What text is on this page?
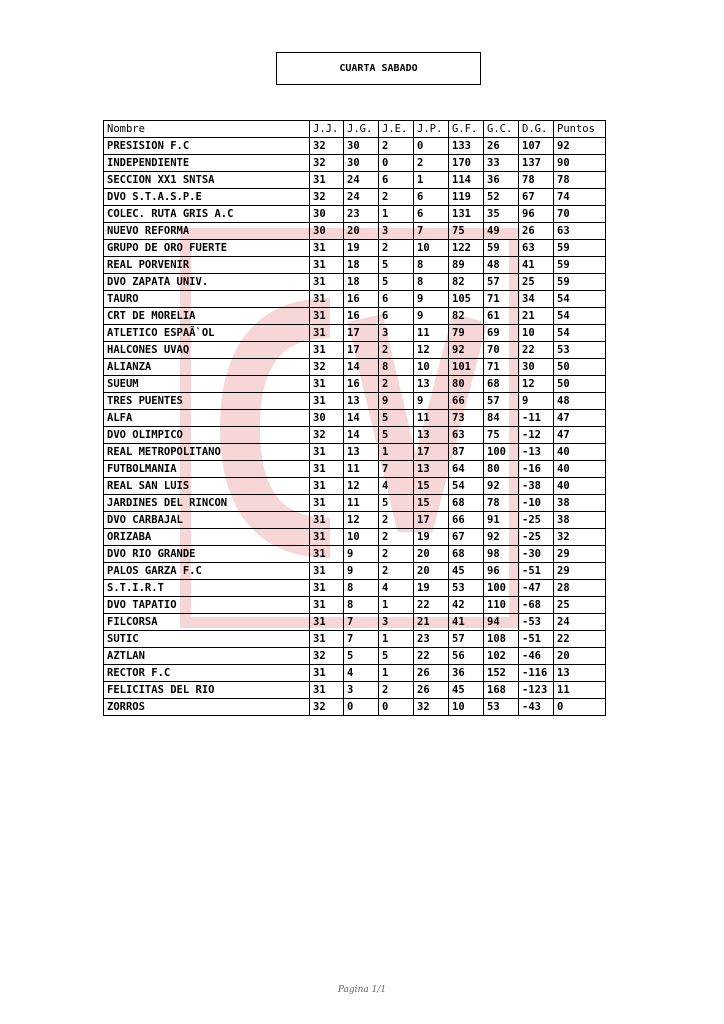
CUARTA SABADO
Nombre	J.J.	J.G.	J.E.	J.P.	G.F.	G.C.	D.G.	Puntos
PRESISION F.C	32	30	2	0	133	26	107	92
INDEPENDIENTE	32	30	0	2	170	33	137	90
SECCION XX1 SNTSA	31	24	6	1	114	36	78	78
DVO S.T.A.S.P.E	32	24	2	6	119	52	67	74
COLEC. RUTA GRIS A.C	30	23	1	6	131	35	96	70
NUEVO REFORMA	30	20	3	7	75	49	26	63
GRUPO DE ORO FUERTE	31	19	2	10	122	59	63	59
REAL PORVENIR	31	18	5	8	89	48	41	59
DVO ZAPATA UNIV.	31	18	5	8	82	57	25	59
TAURO	31	16	6	9	105	71	34	54
CRT DE MORELIA	31	16	6	9	82	61	21	54
ATLETICO ESPAÃ`OL	31	17	3	11	79	69	10	54
HALCONES UVAQ	31	17	2	12	92	70	22	53
ALIANZA	32	14	8	10	101	71	30	50
SUEUM	31	16	2	13	80	68	12	50
TRES PUENTES	31	13	9	9	66	57	9	48
ALFA	30	14	5	11	73	84	-11	47
DVO OLIMPICO	32	14	5	13	63	75	-12	47
REAL METROPOLITANO	31	13	1	17	87	100	-13	40
FUTBOLMANIA	31	11	7	13	64	80	-16	40
REAL SAN LUIS	31	12	4	15	54	92	-38	40
JARDINES DEL RINCON	31	11	5	15	68	78	-10	38
DVO CARBAJAL	31	12	2	17	66	91	-25	38
ORIZABA	31	10	2	19	67	92	-25	32
DVO RIO GRANDE	31	9	2	20	68	98	-30	29
PALOS GARZA F.C	31	9	2	20	45	96	-51	29
S.T.I.R.T	31	8	4	19	53	100	-47	28
DVO TAPATIO	31	8	1	22	42	110	-68	25
FILCORSA	31	7	3	21	41	94	-53	24
SUTIC	31	7	1	23	57	108	-51	22
AZTLAN	32	5	5	22	56	102	-46	20
RECTOR F.C	31	4	1	26	36	152	-116	13
FELICITAS DEL RIO	31	3	2	26	45	168	-123	11
ZORROS	32	0	0	32	10	53	-43	0
Pagina 1/1
